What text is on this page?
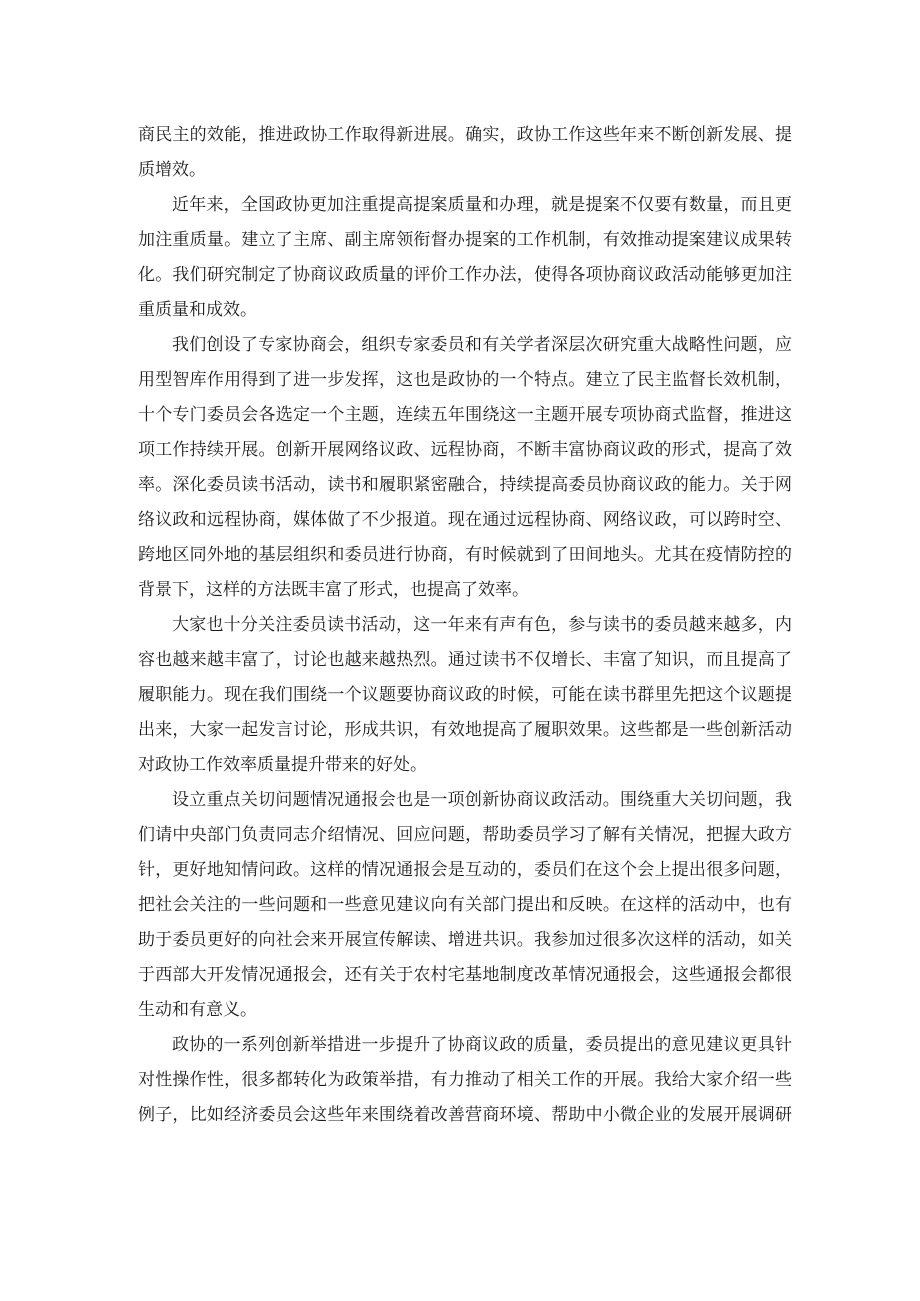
商民主的效能，推进政协工作取得新进展。确实，政协工作这些年来不断创新发展、提
质增效。
近年来，全国政协更加注重提高提案质量和办理，就是提案不仅要有数量，而且更
加注重质量。建立了主席、副主席领衔督办提案的工作机制，有效推动提案建议成果转
化。我们研究制定了协商议政质量的评价工作办法，使得各项协商议政活动能够更加注
重质量和成效。
我们创设了专家协商会，组织专家委员和有关学者深层次研究重大战略性问题，应
用型智库作用得到了进一步发挥，这也是政协的一个特点。建立了民主监督长效机制，
十个专门委员会各选定一个主题，连续五年围绕这一主题开展专项协商式监督，推进这
项工作持续开展。创新开展网络议政、远程协商，不断丰富协商议政的形式，提高了效
率。深化委员读书活动，读书和履职紧密融合，持续提高委员协商议政的能力。关于网
络议政和远程协商，媒体做了不少报道。现在通过远程协商、网络议政，可以跨时空、
跨地区同外地的基层组织和委员进行协商，有时候就到了田间地头。尤其在疫情防控的
背景下，这样的方法既丰富了形式，也提高了效率。
大家也十分关注委员读书活动，这一年来有声有色，参与读书的委员越来越多，内
容也越来越丰富了，讨论也越来越热烈。通过读书不仅增长、丰富了知识，而且提高了
履职能力。现在我们围绕一个议题要协商议政的时候，可能在读书群里先把这个议题提
出来，大家一起发言讨论，形成共识，有效地提高了履职效果。这些都是一些创新活动
对政协工作效率质量提升带来的好处。
设立重点关切问题情况通报会也是一项创新协商议政活动。围绕重大关切问题，我
们请中央部门负责同志介绍情况、回应问题，帮助委员学习了解有关情况，把握大政方
针，更好地知情问政。这样的情况通报会是互动的，委员们在这个会上提出很多问题，
把社会关注的一些问题和一些意见建议向有关部门提出和反映。在这样的活动中，也有
助于委员更好的向社会来开展宣传解读、增进共识。我参加过很多次这样的活动，如关
于西部大开发情况通报会，还有关于农村宅基地制度改革情况通报会，这些通报会都很
生动和有意义。
政协的一系列创新举措进一步提升了协商议政的质量，委员提出的意见建议更具针
对性操作性，很多都转化为政策举措，有力推动了相关工作的开展。我给大家介绍一些
例子，比如经济委员会这些年来围绕着改善营商环境、帮助中小微企业的发展开展调研
